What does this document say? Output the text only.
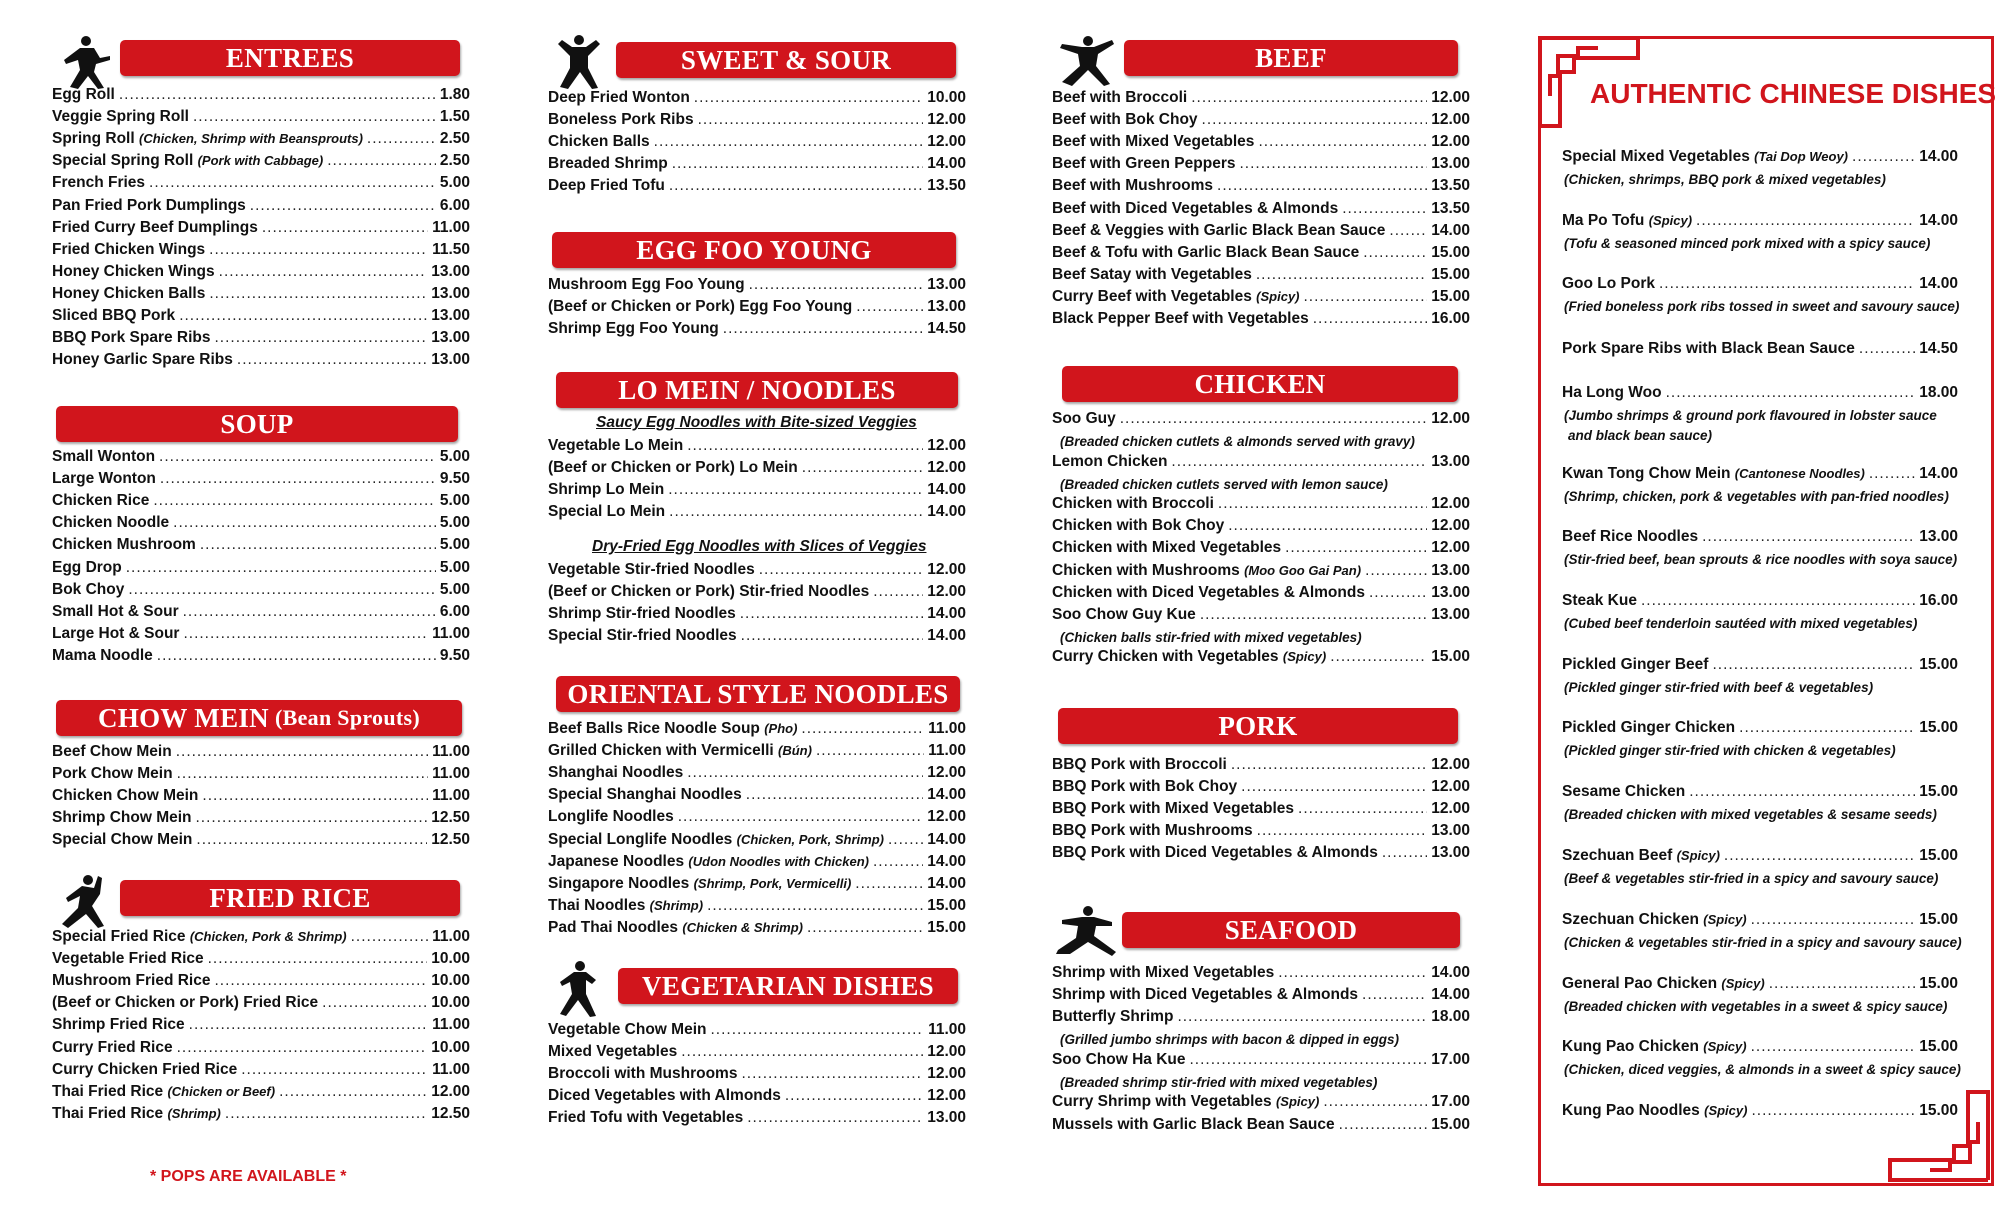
ENTREES
Egg Roll .....	1.80
Veggie Spring Roll .....	1.50
Spring Roll (Chicken, Shrimp with Beansprouts) .....	2.50
Special Spring Roll (Pork with Cabbage) .....	2.50
French Fries .....	5.00
Pan Fried Pork Dumplings .....	6.00
Fried Curry Beef Dumplings .....	11.00
Fried Chicken Wings .....	11.50
Honey Chicken Wings .....	13.00
Honey Chicken Balls .....	13.00
Sliced BBQ Pork .....	13.00
BBQ Pork Spare Ribs .....	13.00
Honey Garlic Spare Ribs .....	13.00
SOUP
Small Wonton .....	5.00
Large Wonton .....	9.50
Chicken Rice .....	5.00
Chicken Noodle .....	5.00
Chicken Mushroom .....	5.00
Egg Drop .....	5.00
Bok Choy .....	5.00
Small Hot & Sour .....	6.00
Large Hot & Sour .....	11.00
Mama Noodle .....	9.50
CHOW MEIN (Bean Sprouts)
Beef Chow Mein .....	11.00
Pork Chow Mein .....	11.00
Chicken Chow Mein .....	11.00
Shrimp Chow Mein .....	12.50
Special Chow Mein .....	12.50
FRIED RICE
Special Fried Rice (Chicken, Pork & Shrimp) .....	11.00
Vegetable Fried Rice .....	10.00
Mushroom Fried Rice .....	10.00
(Beef or Chicken or Pork) Fried Rice .....	10.00
Shrimp Fried Rice .....	11.00
Curry Fried Rice .....	10.00
Curry Chicken Fried Rice .....	11.00
Thai Fried Rice (Chicken or Beef) .....	12.00
Thai Fried Rice (Shrimp) .....	12.50
SWEET & SOUR
Deep Fried Wonton .....	10.00
Boneless Pork Ribs .....	12.00
Chicken Balls .....	12.00
Breaded Shrimp .....	14.00
Deep Fried Tofu .....	13.50
EGG FOO YOUNG
Mushroom Egg Foo Young .....	13.00
(Beef or Chicken or Pork) Egg Foo Young .....	13.00
Shrimp Egg Foo Young .....	14.50
LO MEIN / NOODLES
Saucy Egg Noodles with Bite-sized Veggies
Vegetable Lo Mein .....	12.00
(Beef or Chicken or Pork) Lo Mein .....	12.00
Shrimp Lo Mein .....	14.00
Special Lo Mein .....	14.00
Dry-Fried Egg Noodles with Slices of Veggies
Vegetable Stir-fried Noodles .....	12.00
(Beef or Chicken or Pork) Stir-fried Noodles .....	12.00
Shrimp Stir-fried Noodles .....	14.00
Special Stir-fried Noodles .....	14.00
ORIENTAL STYLE NOODLES
Beef Balls Rice Noodle Soup (Pho) .....	11.00
Grilled Chicken with Vermicelli (Bún) .....	11.00
Shanghai Noodles .....	12.00
Special Shanghai Noodles .....	14.00
Longlife Noodles .....	12.00
Special Longlife Noodles (Chicken, Pork, Shrimp) .....	14.00
Japanese Noodles (Udon Noodles with Chicken) .....	14.00
Singapore Noodles (Shrimp, Pork, Vermicelli) .....	14.00
Thai Noodles (Shrimp) .....	15.00
Pad Thai Noodles (Chicken & Shrimp) .....	15.00
VEGETARIAN DISHES
Vegetable Chow Mein .....	11.00
Mixed Vegetables .....	12.00
Broccoli with Mushrooms .....	12.00
Diced Vegetables with Almonds .....	12.00
Fried Tofu with Vegetables .....	13.00
BEEF
Beef with Broccoli .....	12.00
Beef with Bok Choy .....	12.00
Beef with Mixed Vegetables .....	12.00
Beef with Green Peppers .....	13.00
Beef with Mushrooms .....	13.50
Beef with Diced Vegetables & Almonds .....	13.50
Beef & Veggies with Garlic Black Bean Sauce .....	14.00
Beef & Tofu with Garlic Black Bean Sauce .....	15.00
Beef Satay with Vegetables .....	15.00
Curry Beef with Vegetables (Spicy) .....	15.00
Black Pepper Beef with Vegetables .....	16.00
CHICKEN
Soo Guy .....	12.00
(Breaded chicken cutlets & almonds served with gravy)
Lemon Chicken .....	13.00
(Breaded chicken cutlets served with lemon sauce)
Chicken with Broccoli .....	12.00
Chicken with Bok Choy .....	12.00
Chicken with Mixed Vegetables .....	12.00
Chicken with Mushrooms (Moo Goo Gai Pan) .....	13.00
Chicken with Diced Vegetables & Almonds .....	13.00
Soo Chow Guy Kue .....	13.00
(Chicken balls stir-fried with mixed vegetables)
Curry Chicken with Vegetables (Spicy) .....	15.00
PORK
BBQ Pork with Broccoli .....	12.00
BBQ Pork with Bok Choy .....	12.00
BBQ Pork with Mixed Vegetables .....	12.00
BBQ Pork with Mushrooms .....	13.00
BBQ Pork with Diced Vegetables & Almonds .....	13.00
SEAFOOD
Shrimp with Mixed Vegetables .....	14.00
Shrimp with Diced Vegetables & Almonds .....	14.00
Butterfly Shrimp .....	18.00
(Grilled jumbo shrimps with bacon & dipped in eggs)
Soo Chow Ha Kue .....	17.00
(Breaded shrimp stir-fried with mixed vegetables)
Curry Shrimp with Vegetables (Spicy) .....	17.00
Mussels with Garlic Black Bean Sauce .....	15.00
Special Mixed Vegetables (Tai Dop Weoy) .....	14.00
(Chicken, shrimps, BBQ pork & mixed vegetables)
Ma Po Tofu (Spicy) .....	14.00
(Tofu & seasoned minced pork mixed with a spicy sauce)
Goo Lo Pork .....	14.00
(Fried boneless pork ribs tossed in sweet and savoury sauce)
Pork Spare Ribs with Black Bean Sauce .....	14.50
Ha Long Woo .....	18.00
(Jumbo shrimps & ground pork flavoured in lobster sauce
and black bean sauce)
Kwan Tong Chow Mein (Cantonese Noodles) .....	14.00
(Shrimp, chicken, pork & vegetables with pan-fried noodles)
Beef Rice Noodles .....	13.00
(Stir-fried beef, bean sprouts & rice noodles with soya sauce)
Steak Kue .....	16.00
(Cubed beef tenderloin sautéed with mixed vegetables)
Pickled Ginger Beef .....	15.00
(Pickled ginger stir-fried with beef & vegetables)
Pickled Ginger Chicken .....	15.00
(Pickled ginger stir-fried with chicken & vegetables)
Sesame Chicken .....	15.00
(Breaded chicken with mixed vegetables & sesame seeds)
Szechuan Beef (Spicy) .....	15.00
(Beef & vegetables stir-fried in a spicy and savoury sauce)
Szechuan Chicken (Spicy) .....	15.00
(Chicken & vegetables stir-fried in a spicy and savoury sauce)
General Pao Chicken (Spicy) .....	15.00
(Breaded chicken with vegetables in a sweet & spicy sauce)
Kung Pao Chicken (Spicy) .....	15.00
(Chicken, diced veggies, & almonds in a sweet & spicy sauce)
Kung Pao Noodles (Spicy) .....	15.00
AUTHENTIC CHINESE DISHES
* POPS ARE AVAILABLE *
